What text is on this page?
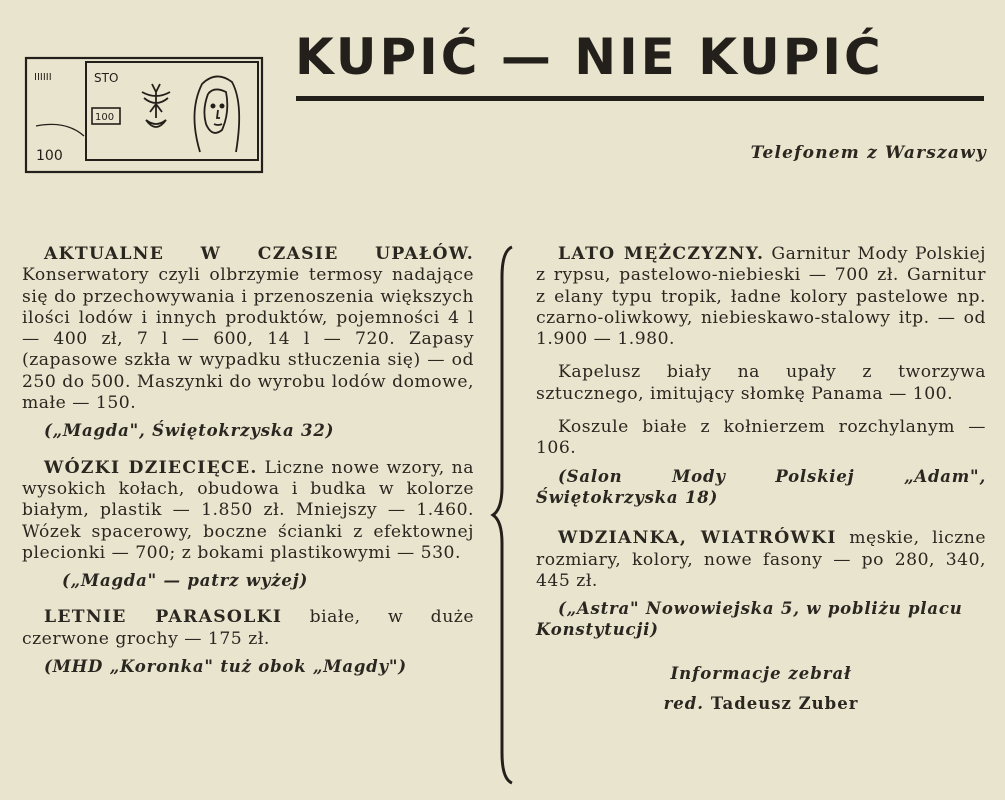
IIIIII	STO
100
100
KUPIĆ — NIE KUPIĆ
Telefonem z Warszawy

AKTUALNE W CZASIE UPAŁÓW. Konserwatory czyli olbrzymie termosy nadające się do przechowywania i przenoszenia większych ilości lodów i innych produktów, pojemności 4 l — 400 zł, 7 l — 600, 14 l — 720. Zapasy (zapasowe szkła w wypadku stłuczenia się) — od 250 do 500. Maszynki do wyrobu lodów domowe, małe — 150.

(„Magda", Świętokrzyska 32)

WÓZKI DZIECIĘCE. Liczne nowe wzory, na wysokich kołach, obudowa i budka w kolorze białym, plastik — 1.850 zł. Mniejszy — 1.460. Wózek spacerowy, boczne ścianki z efektownej plecionki — 700; z bokami plastikowymi — 530.

(„Magda" — patrz wyżej)

LETNIE PARASOLKI białe, w duże czerwone grochy — 175 zł.

(MHD „Koronka" tuż obok „Magdy")

LATO MĘŻCZYZNY. Garnitur Mody Polskiej z rypsu, pastelowo-niebieski — 700 zł. Garnitur z elany typu tropik, ładne kolory pastelowe np. czarno-oliwkowy, niebieskawo-stalowy itp. — od 1.900 — 1.980.

Kapelusz biały na upały z tworzywa sztucznego, imitujący słomkę Panama — 100.

Koszule białe z kołnierzem rozchylanym — 106.

(Salon Mody Polskiej „Adam", Świętokrzyska 18)

WDZIANKA, WIATRÓWKI męskie, liczne rozmiary, kolory, nowe fasony — po 280, 340, 445 zł.

(„Astra" Nowowiejska 5, w pobliżu placu Konstytucji)
Informacje zebrał
red. Tadeusz Zuber
